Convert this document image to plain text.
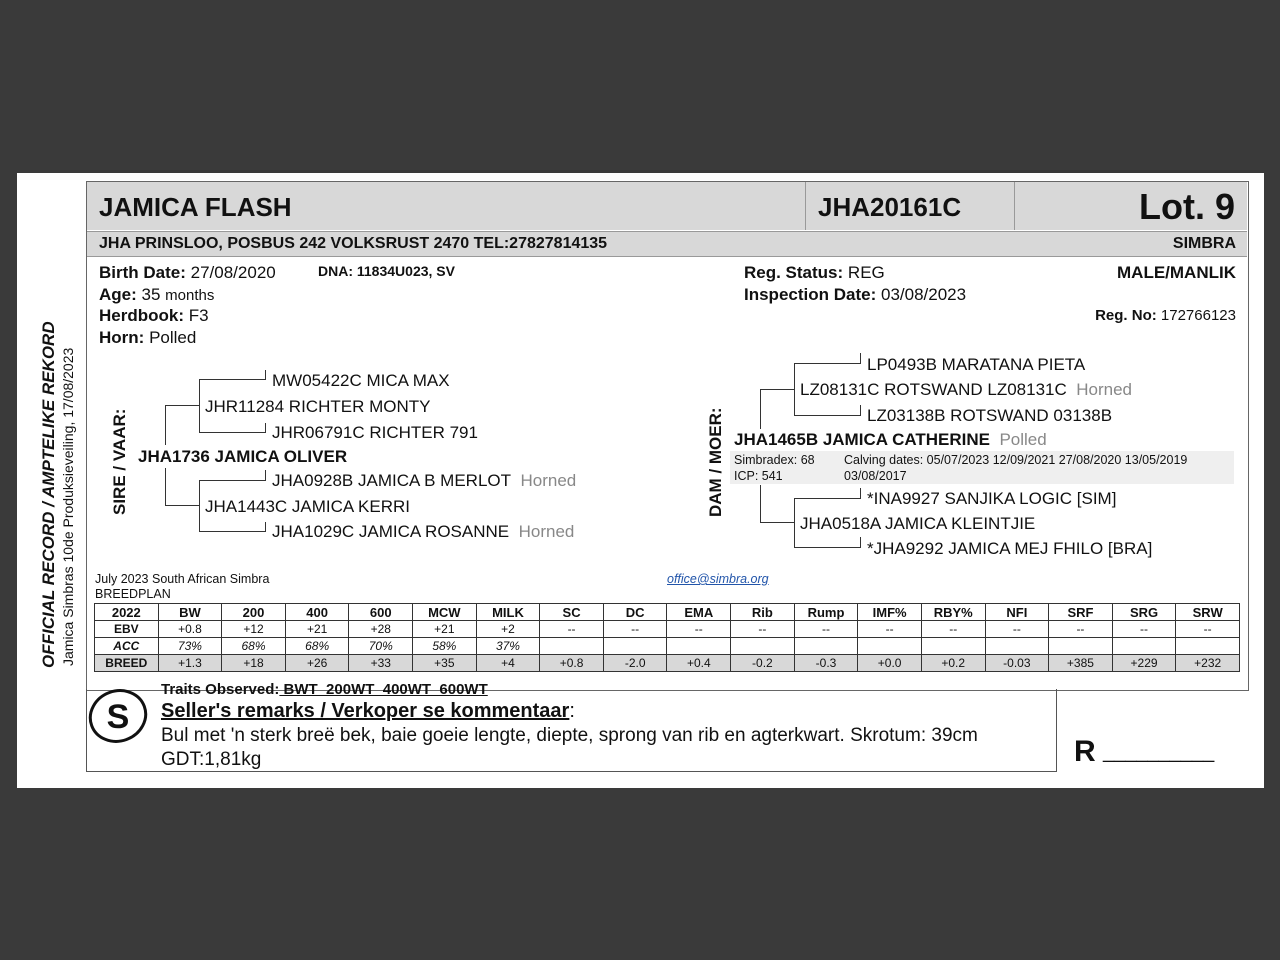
OFFICIAL RECORD / AMPTELIKE REKORD Jamica Simbras 10de Produksieveiling, 17/08/2023
JAMICA FLASH	JHA20161C	Lot. 9
JHA PRINSLOO, POSBUS 242 VOLKSRUST 2470 TEL:27827814135	SIMBRA
Birth Date: 27/08/2020	DNA: 11834U023, SV
Age: 35 months
Herdbook: F3
Horn: Polled
Reg. Status: REG
Inspection Date: 03/08/2023
MALE/MANLIK
Reg. No: 172766123
SIRE / VAAR: JHA1736 JAMICA OLIVER
JHR11284 RICHTER MONTY
MW05422C MICA MAX
JHR06791C RICHTER 791
JHA1443C JAMICA KERRI
JHA0928B JAMICA B MERLOT Horned
JHA1029C JAMICA ROSANNE Horned
DAM / MOER: JHA1465B JAMICA CATHERINE Polled
LP0493B MARATANA PIETA
LZ08131C ROTSWAND LZ08131C Horned
LZ03138B ROTSWAND 03138B
Simbradex: 68
ICP: 541
Calving dates: 05/07/2023 12/09/2021 27/08/2020 13/05/2019
03/08/2017
*INA9927 SANJIKA LOGIC [SIM]
JHA0518A JAMICA KLEINTJIE
*JHA9292 JAMICA MEJ FHILO [BRA]
July 2023 South African Simbra
BREEDPLAN
office@simbra.org
2022	BW	200	400	600	MCW	MILK	SC	DC	EMA	Rib	Rump	IMF%	RBY%	NFI	SRF	SRG	SRW
EBV	+0.8	+12	+21	+28	+21	+2	--	--	--	--	--	--	--	--	--	--	--
ACC	73%	68%	68%	70%	58%	37%											
BREED	+1.3	+18	+26	+33	+35	+4	+0.8	-2.0	+0.4	-0.2	-0.3	+0.0	+0.2	-0.03	+385	+229	+232
S
Traits Observed: BWT  200WT  400WT  600WT
Seller's remarks / Verkoper se kommentaar:
Bul met 'n sterk breë bek, baie goeie lengte, diepte, sprong van rib en agterkwart. Skrotum: 39cm
GDT:1,81kg	R __________
